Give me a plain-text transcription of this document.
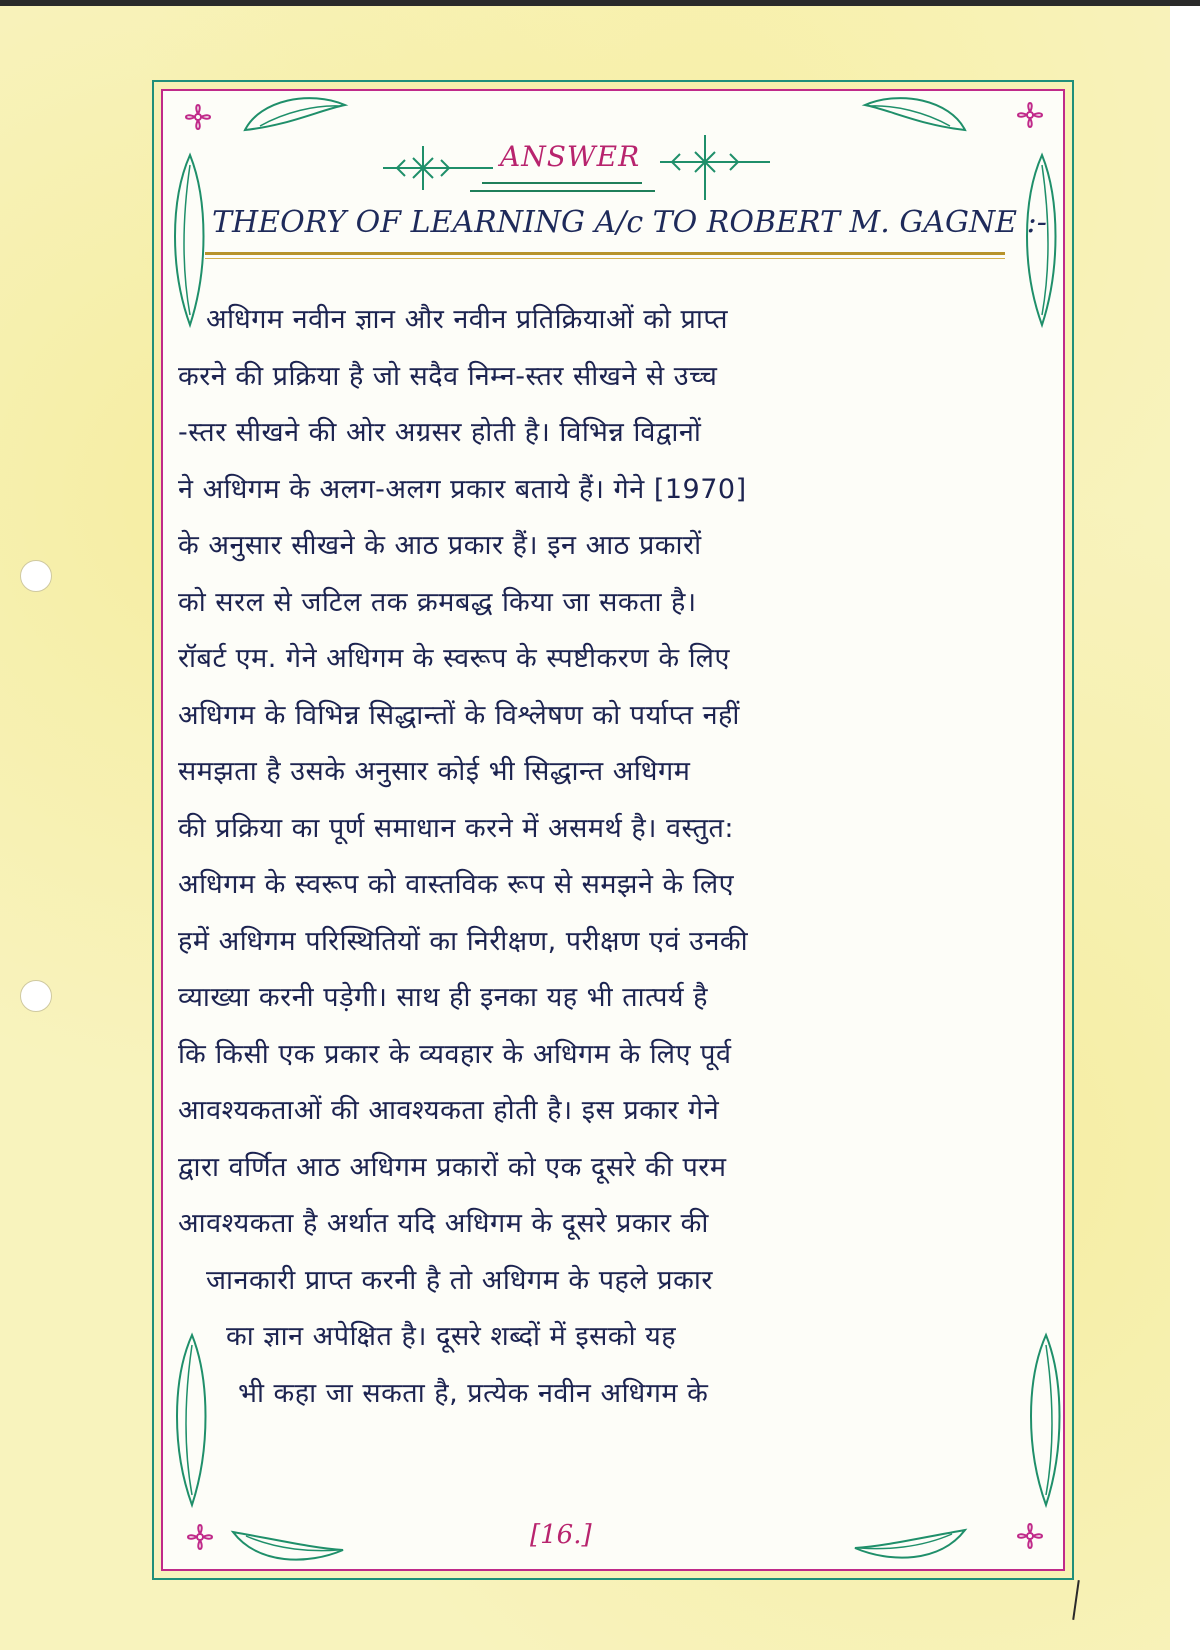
ANSWER
THEORY OF LEARNING A/c TO ROBERT M. GAGNE :-
अधिगम नवीन ज्ञान और नवीन प्रतिक्रियाओं को प्राप्त
करने की प्रक्रिया है जो सदैव निम्न-स्तर सीखने से उच्च
-स्तर सीखने की ओर अग्रसर होती है। विभिन्न विद्वानों
ने अधिगम के अलग-अलग प्रकार बताये हैं। गेने [1970]
के अनुसार सीखने के आठ प्रकार हैं। इन आठ प्रकारों
को सरल से जटिल तक क्रमबद्ध किया जा सकता है।
रॉबर्ट एम. गेने अधिगम के स्वरूप के स्पष्टीकरण के लिए
अधिगम के विभिन्न सिद्धान्तों के विश्लेषण को पर्याप्त नहीं
समझता है उसके अनुसार कोई भी सिद्धान्त अधिगम
की प्रक्रिया का पूर्ण समाधान करने में असमर्थ है। वस्तुत:
अधिगम के स्वरूप को वास्तविक रूप से समझने के लिए
हमें अधिगम परिस्थितियों का निरीक्षण, परीक्षण एवं उनकी
व्याख्या करनी पड़ेगी। साथ ही इनका यह भी तात्पर्य है
कि किसी एक प्रकार के व्यवहार के अधिगम के लिए पूर्व
आवश्यकताओं की आवश्यकता होती है। इस प्रकार गेने
द्वारा वर्णित आठ अधिगम प्रकारों को एक दूसरे की परम
आवश्यकता है अर्थात यदि अधिगम के दूसरे प्रकार की
जानकारी प्राप्त करनी है तो अधिगम के पहले प्रकार
का ज्ञान अपेक्षित है। दूसरे शब्दों में इसको यह
भी कहा जा सकता है, प्रत्येक नवीन अधिगम के
[16.]
